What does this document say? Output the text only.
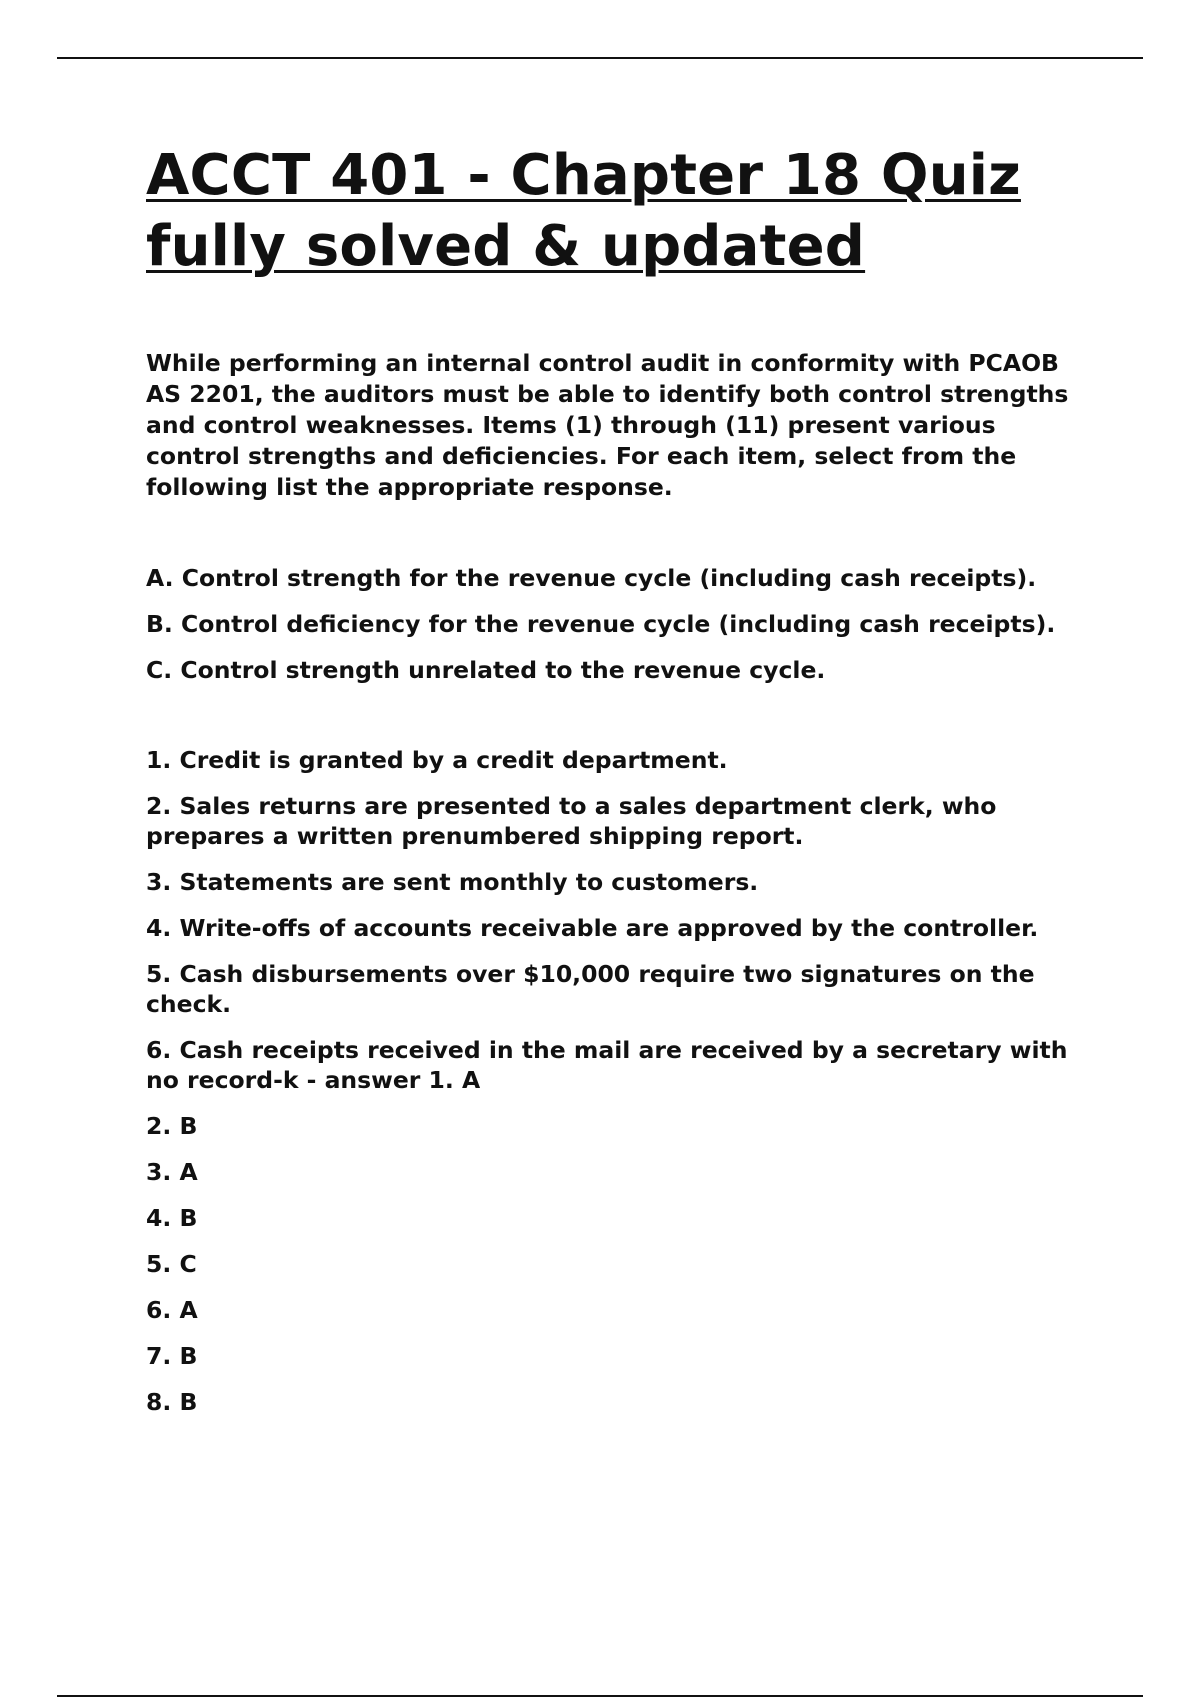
ACCT 401 - Chapter 18 Quiz
fully solved & updated

While performing an internal control audit in conformity with PCAOB AS 2201, the auditors must be able to identify both control strengths and control weaknesses. Items (1) through (11) present various control strengths and deficiencies. For each item, select from the following list the appropriate response.

A. Control strength for the revenue cycle (including cash receipts).

B. Control deficiency for the revenue cycle (including cash receipts).

C. Control strength unrelated to the revenue cycle.

1. Credit is granted by a credit department.

2. Sales returns are presented to a sales department clerk, who prepares a written prenumbered shipping report.

3. Statements are sent monthly to customers.

4. Write-offs of accounts receivable are approved by the controller.

5. Cash disbursements over $10,000 require two signatures on the check.

6. Cash receipts received in the mail are received by a secretary with no record-k - answer 1. A

2. B

3. A

4. B

5. C

6. A

7. B

8. B
